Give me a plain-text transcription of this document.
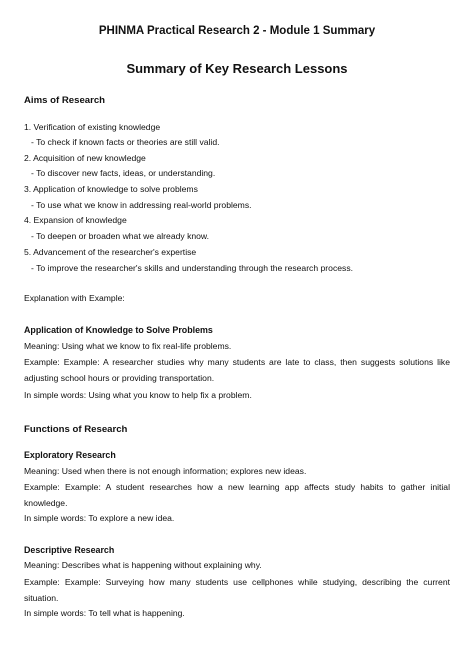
PHINMA Practical Research 2 - Module 1 Summary
Summary of Key Research Lessons
Aims of Research
1. Verification of existing knowledge
- To check if known facts or theories are still valid.
2. Acquisition of new knowledge
- To discover new facts, ideas, or understanding.
3. Application of knowledge to solve problems
- To use what we know in addressing real-world problems.
4. Expansion of knowledge
- To deepen or broaden what we already know.
5. Advancement of the researcher's expertise
- To improve the researcher's skills and understanding through the research process.
Explanation with Example:
Application of Knowledge to Solve Problems
Meaning: Using what we know to fix real-life problems.
Example: Example: A researcher studies why many students are late to class, then suggests solutions like adjusting school hours or providing transportation.
In simple words: Using what you know to help fix a problem.
Functions of Research
Exploratory Research
Meaning: Used when there is not enough information; explores new ideas.
Example: Example: A student researches how a new learning app affects study habits to gather initial knowledge.
In simple words: To explore a new idea.
Descriptive Research
Meaning: Describes what is happening without explaining why.
Example: Example: Surveying how many students use cellphones while studying, describing the current situation.
In simple words: To tell what is happening.
